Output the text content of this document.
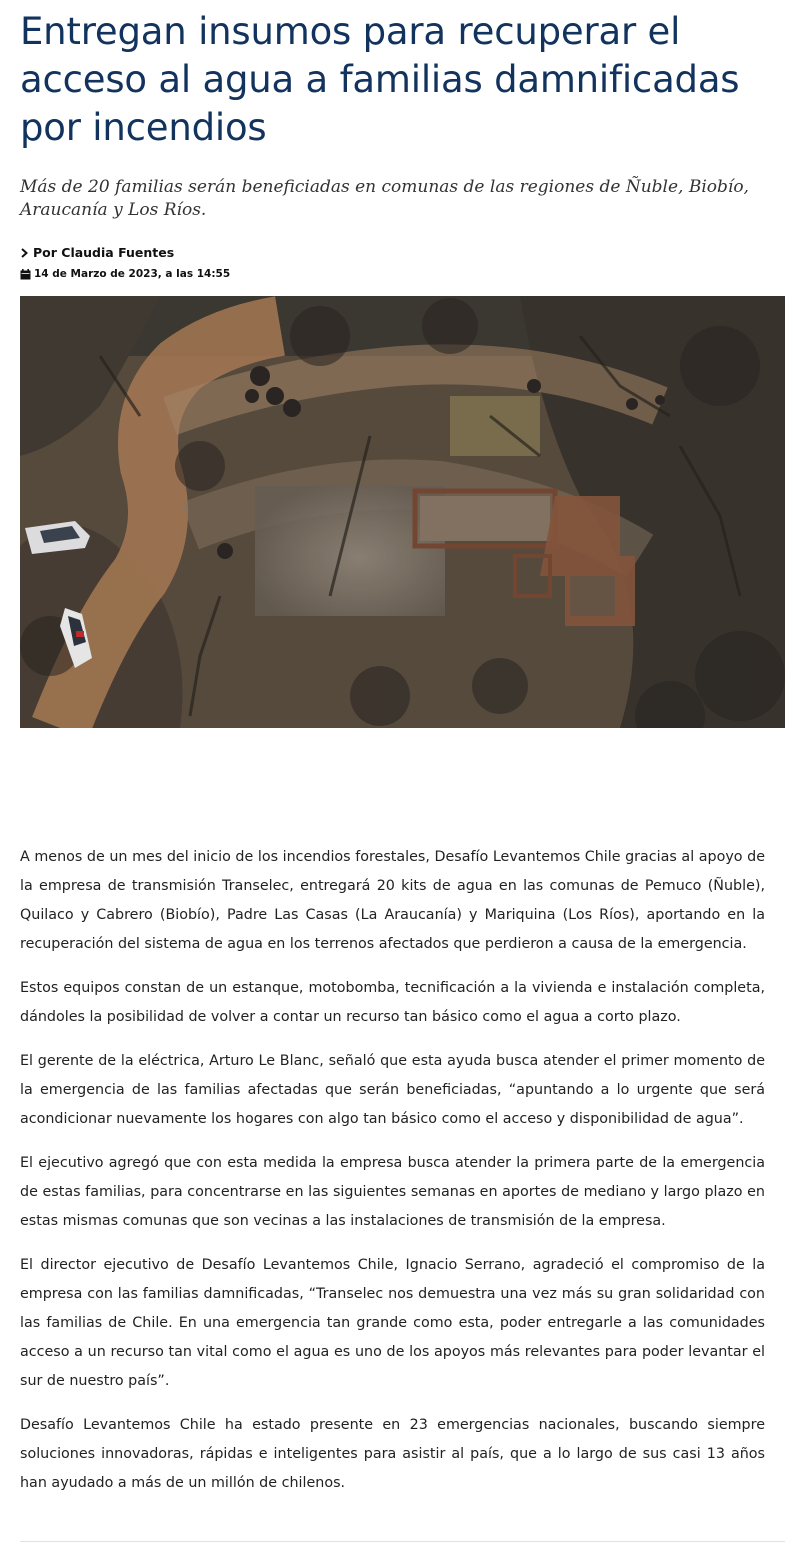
Entregan insumos para recuperar el acceso al agua a familias damnificadas por incendios

Más de 20 familias serán beneficiadas en comunas de las regiones de Ñuble, Biobío, Araucanía y Los Ríos.

Por Claudia Fuentes
14 de Marzo de 2023, a las 14:55

A menos de un mes del inicio de los incendios forestales, Desafío Levantemos Chile gracias al apoyo de la empresa de transmisión Transelec, entregará 20 kits de agua en las comunas de Pemuco (Ñuble), Quilaco y Cabrero (Biobío), Padre Las Casas (La Araucanía) y Mariquina (Los Ríos), aportando en la recuperación del sistema de agua en los terrenos afectados que perdieron a causa de la emergencia.

Estos equipos constan de un estanque, motobomba, tecnificación a la vivienda e instalación completa, dándoles la posibilidad de volver a contar un recurso tan básico como el agua a corto plazo.

El gerente de la eléctrica, Arturo Le Blanc, señaló que esta ayuda busca atender el primer momento de la emergencia de las familias afectadas que serán beneficiadas, “apuntando a lo urgente que será acondicionar nuevamente los hogares con algo tan básico como el acceso y disponibilidad de agua”.

El ejecutivo agregó que con esta medida la empresa busca atender la primera parte de la emergencia de estas familias, para concentrarse en las siguientes semanas en aportes de mediano y largo plazo en estas mismas comunas que son vecinas a las instalaciones de transmisión de la empresa.

El director ejecutivo de Desafío Levantemos Chile, Ignacio Serrano, agradeció el compromiso de la empresa con las familias damnificadas, “Transelec nos demuestra una vez más su gran solidaridad con las familias de Chile. En una emergencia tan grande como esta, poder entregarle a las comunidades acceso a un recurso tan vital como el agua es uno de los apoyos más relevantes para poder levantar el sur de nuestro país”.

Desafío Levantemos Chile ha estado presente en 23 emergencias nacionales, buscando siempre soluciones innovadoras, rápidas e inteligentes para asistir al país, que a lo largo de sus casi 13 años han ayudado a más de un millón de chilenos.
